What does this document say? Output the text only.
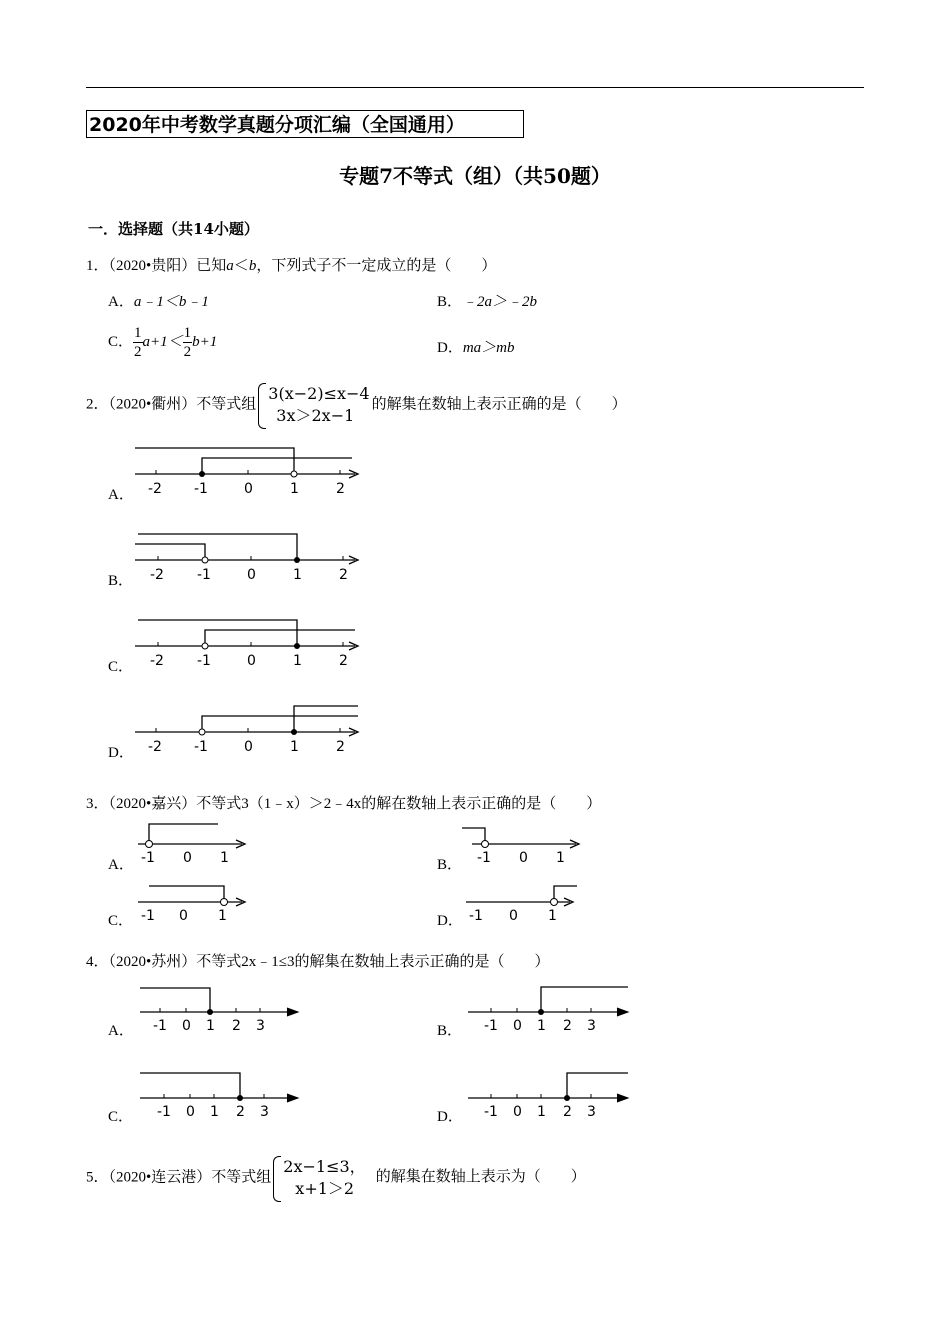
2020年中考数学真题分项汇编（全国通用）
专题7不等式（组）（共50题）
一．选择题（共14小题）
1．（2020•贵阳）已知a＜b，下列式子不一定成立的是（　　）
A．a﹣1＜b﹣1	B．﹣2a＞﹣2b
C． $\frac{1}{2} a+1< \frac{1}{2} b+1$	D．ma＞mb
2．（2020•衢州）不等式组
3(x−2)≤x−4
3x＞2x−1
的解集在数轴上表示正确的是（　　）
A．
B．
C．
D．
-2 -1	0	1	2
-2 -1	0	1	2
-2 -1	0	1	2
-2 -1	0	1	2
3．（2020•嘉兴）不等式3（1﹣x）＞2﹣4x的解在数轴上表示正确的是（　　）
A．	B．
C．	D．
-1 0 1	-1 0 1
-1 0 1	-1 0 1
4．（2020•苏州）不等式2x﹣1≤3的解集在数轴上表示正确的是（　　）
A．	B．
C．	D．
-1 0 1 2 3	-1 0 1 2 3
-1 0 1 2 3	-1 0 1 2 3
5．（2020•连云港）不等式组
2x−1≤3，
x+1＞2
的解集在数轴上表示为（　　）
